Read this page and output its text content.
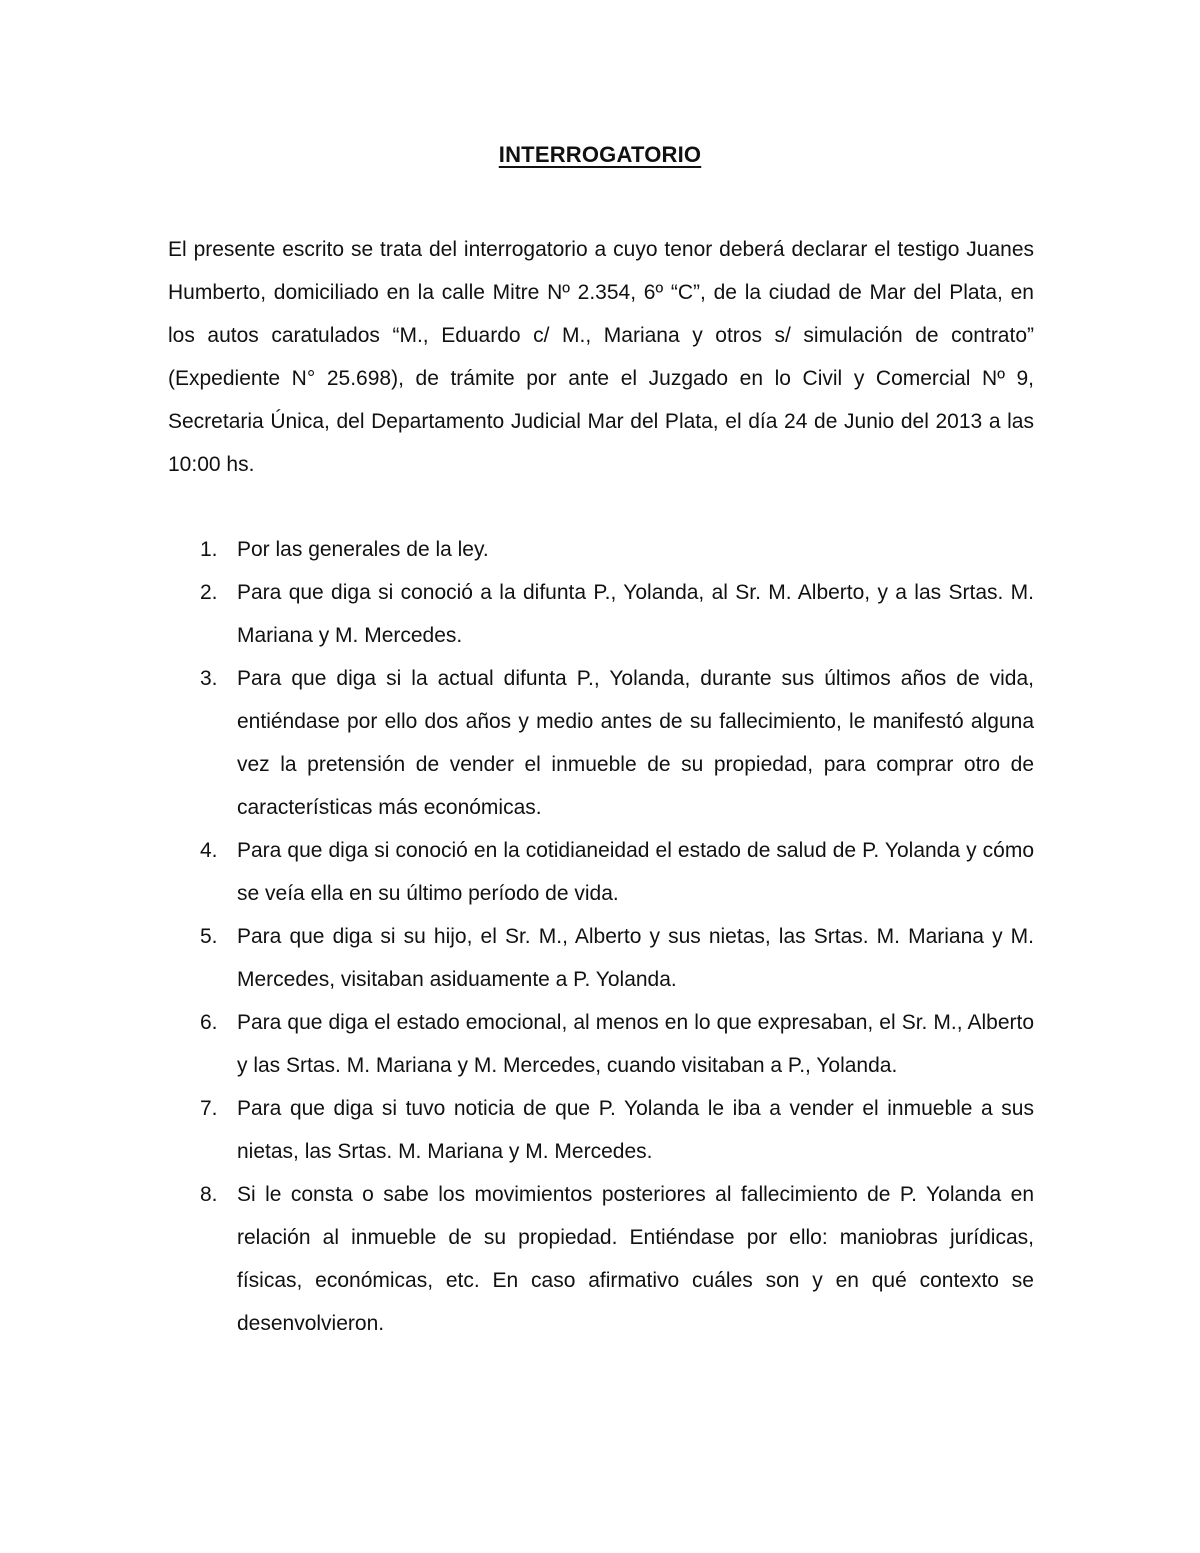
INTERROGATORIO

El presente escrito se trata del interrogatorio a cuyo tenor deberá declarar el testigo Juanes Humberto, domiciliado en la calle Mitre Nº 2.354, 6º “C”, de la ciudad de Mar del Plata, en los autos caratulados “M., Eduardo c/ M., Mariana y otros s/ simulación de contrato” (Expediente N° 25.698), de trámite por ante el Juzgado en lo Civil y Comercial Nº 9, Secretaria Única, del Departamento Judicial Mar del Plata, el día 24 de Junio del 2013 a las 10:00 hs.

1. Por las generales de la ley.
2. Para que diga si conoció a la difunta P., Yolanda, al Sr. M. Alberto, y a las Srtas. M. Mariana y M. Mercedes.
3. Para que diga si la actual difunta P., Yolanda, durante sus últimos años de vida, entiéndase por ello dos años y medio antes de su fallecimiento, le manifestó alguna vez la pretensión de vender el inmueble de su propiedad, para comprar otro de características más económicas.
4. Para que diga si conoció en la cotidianeidad el estado de salud de P. Yolanda y cómo se veía ella en su último período de vida.
5. Para que diga si su hijo, el Sr. M., Alberto y sus nietas, las Srtas. M. Mariana y M. Mercedes, visitaban asiduamente a P. Yolanda.
6. Para que diga el estado emocional, al menos en lo que expresaban, el Sr. M., Alberto y las Srtas. M. Mariana y M. Mercedes, cuando visitaban a P., Yolanda.
7. Para que diga si tuvo noticia de que P. Yolanda le iba a vender el inmueble a sus nietas, las Srtas. M. Mariana y M. Mercedes.
8. Si le consta o sabe los movimientos posteriores al fallecimiento de P. Yolanda en relación al inmueble de su propiedad. Entiéndase por ello: maniobras jurídicas, físicas, económicas, etc. En caso afirmativo cuáles son y en qué contexto se desenvolvieron.
